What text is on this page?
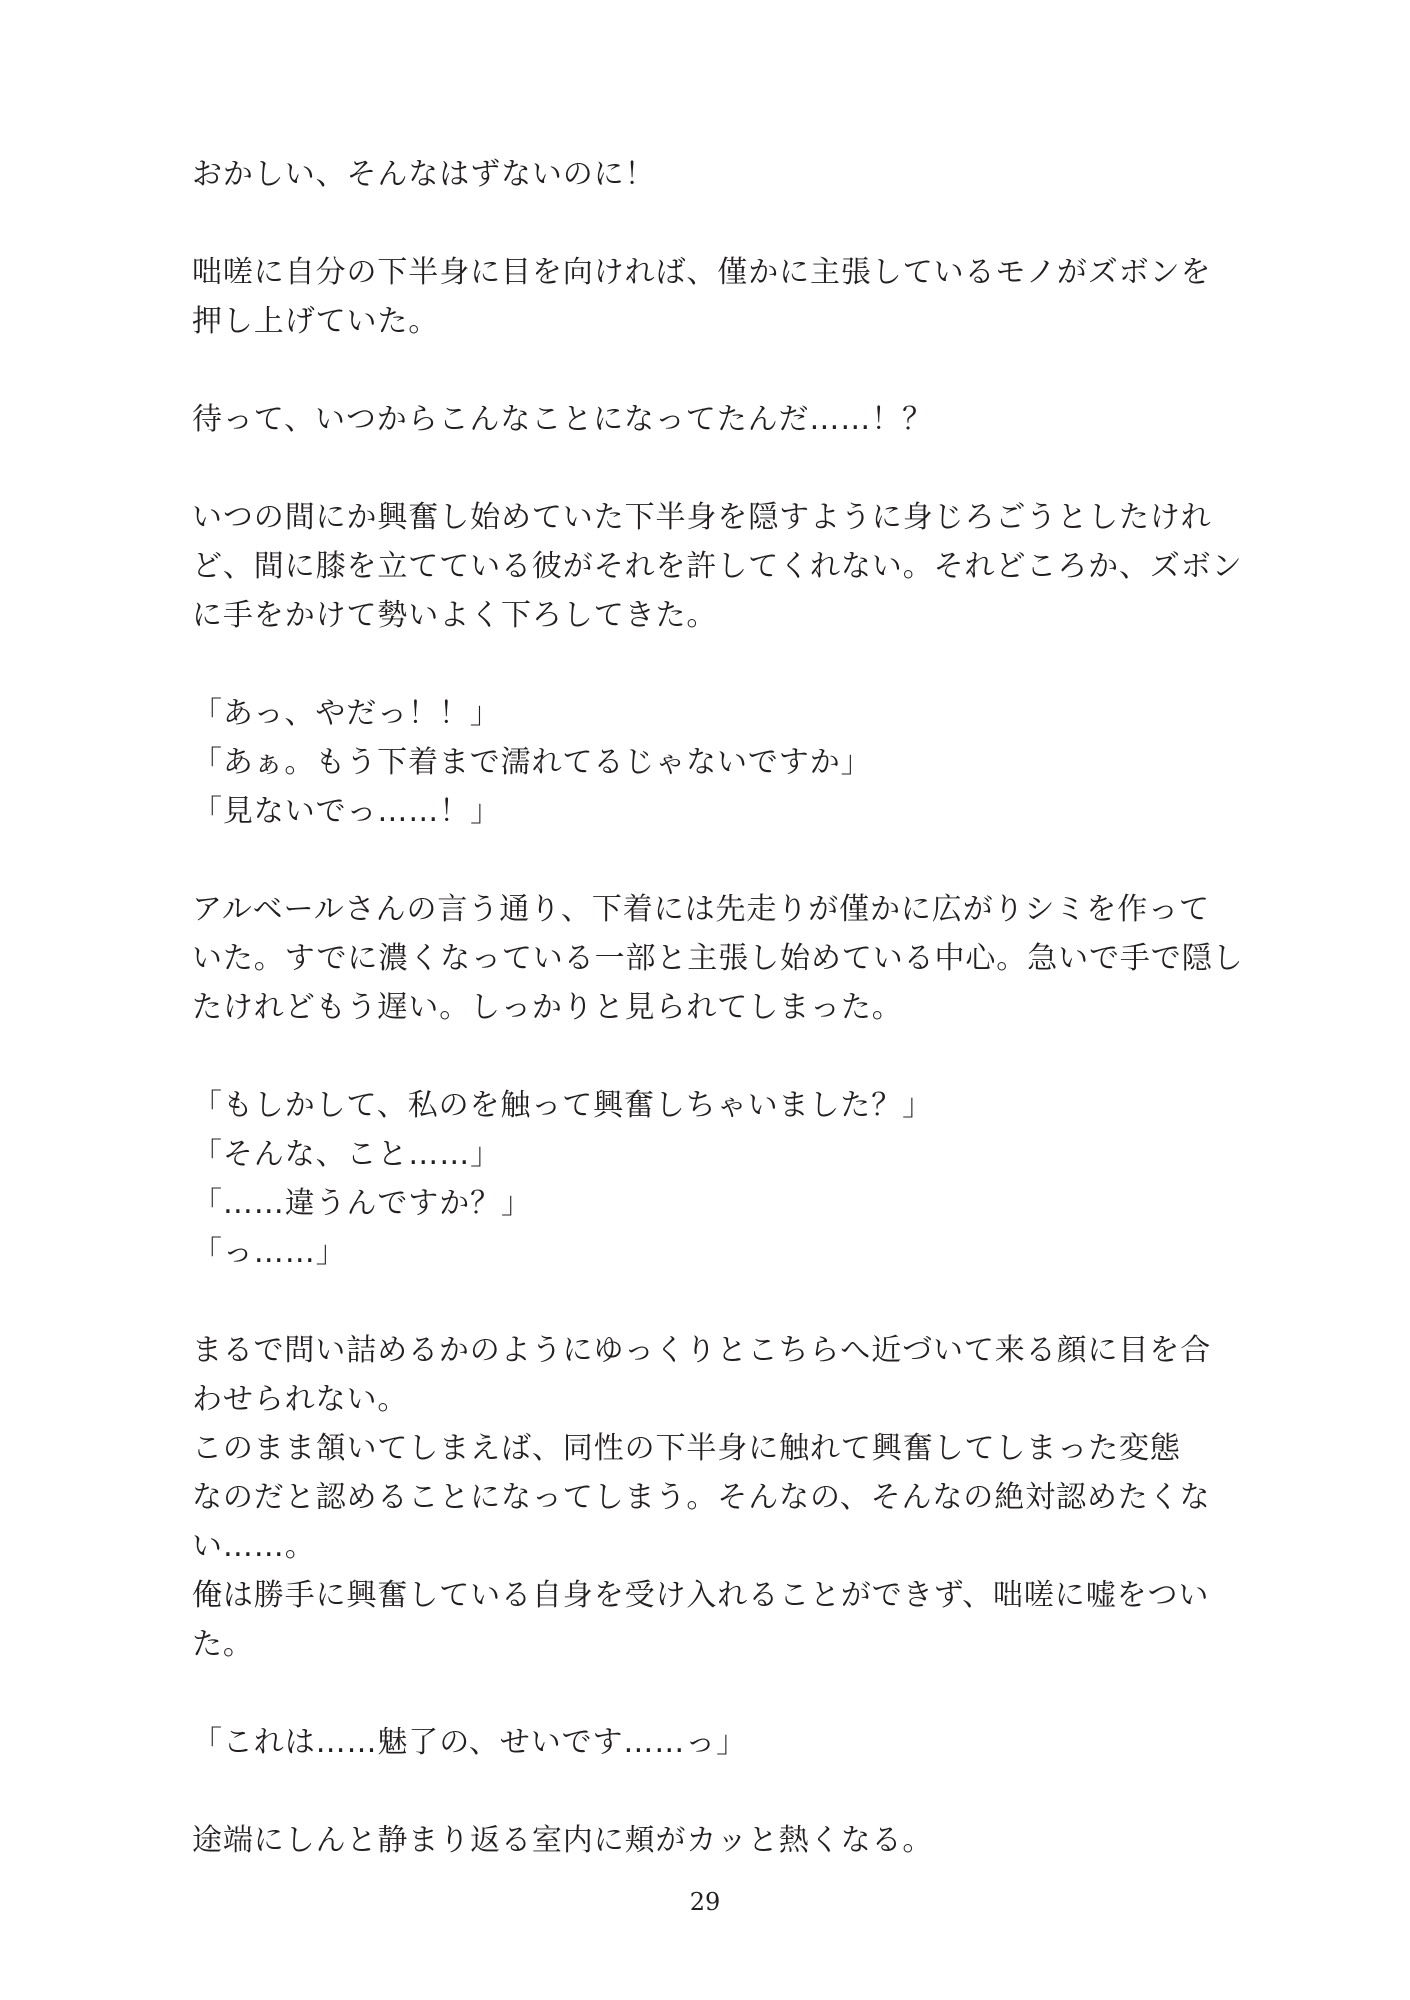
おかしい、そんなはずないのに！
咄嗟に自分の下半身に目を向ければ、僅かに主張しているモノがズボンを
押し上げていた。
待って、いつからこんなことになってたんだ……！？
いつの間にか興奮し始めていた下半身を隠すように身じろごうとしたけれ
ど、間に膝を立てている彼がそれを許してくれない。それどころか、ズボン
に手をかけて勢いよく下ろしてきた。
「あっ、やだっ！！」
「あぁ。もう下着まで濡れてるじゃないですか」
「見ないでっ……！」
アルベールさんの言う通り、下着には先走りが僅かに広がりシミを作って
いた。すでに濃くなっている一部と主張し始めている中心。急いで手で隠し
たけれどもう遅い。しっかりと見られてしまった。
「もしかして、私のを触って興奮しちゃいました？」
「そんな、こと……」
「……違うんですか？」
「っ……」
まるで問い詰めるかのようにゆっくりとこちらへ近づいて来る顔に目を合
わせられない。
このまま頷いてしまえば、同性の下半身に触れて興奮してしまった変態
なのだと認めることになってしまう。そんなの、そんなの絶対認めたくな
い……。
俺は勝手に興奮している自身を受け入れることができず、咄嗟に嘘をつい
た。
「これは……魅了の、せいです……っ」
途端にしんと静まり返る室内に頬がカッと熱くなる。
29
